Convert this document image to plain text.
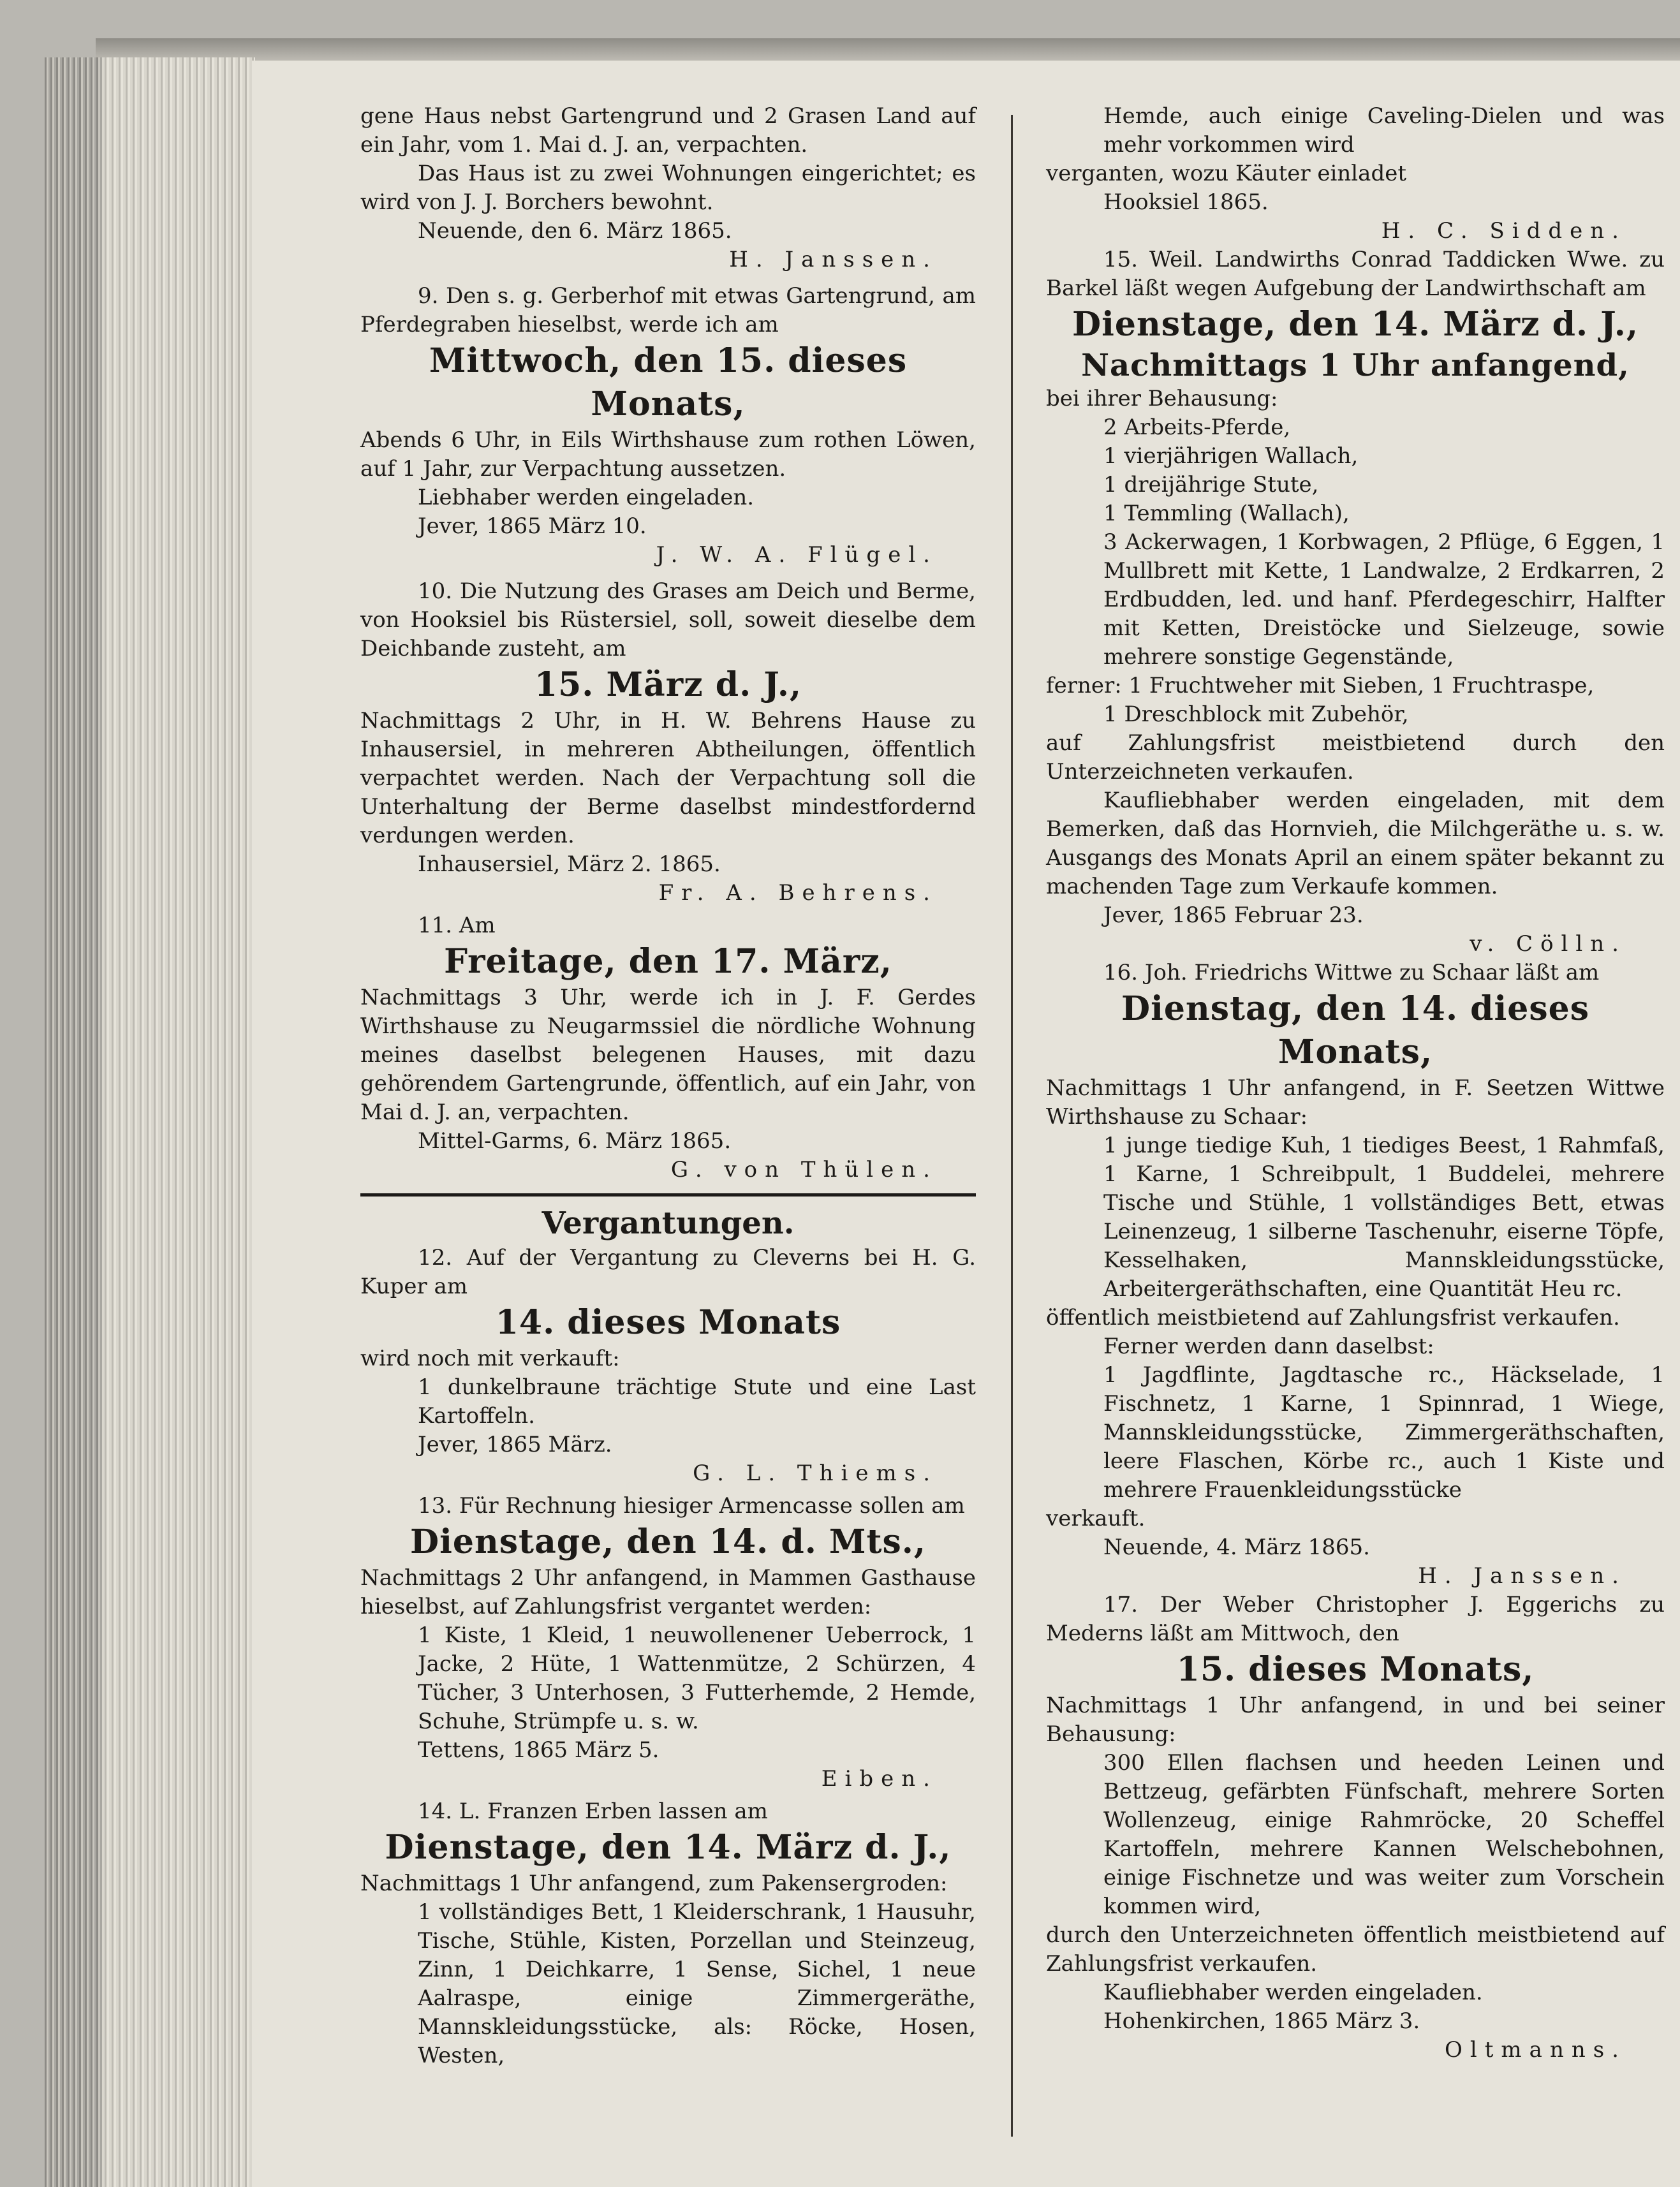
gene Haus nebst Gartengrund und 2 Grasen Land auf ein Jahr, vom 1. Mai d. J. an, verpachten.

Das Haus ist zu zwei Wohnungen eingerichtet; es wird von J. J. Borchers bewohnt.

Neuende, den 6. März 1865.

H. Janssen.

9. Den s. g. Gerberhof mit etwas Gartengrund, am Pferdegraben hieselbst, werde ich am

Mittwoch, den 15. dieses Monats,

Abends 6 Uhr, in Eils Wirthshause zum rothen Löwen, auf 1 Jahr, zur Verpachtung aussetzen.

Liebhaber werden eingeladen.

Jever, 1865 März 10.

J. W. A. Flügel.

10. Die Nutzung des Grases am Deich und Berme, von Hooksiel bis Rüstersiel, soll, soweit dieselbe dem Deichbande zusteht, am

15. März d. J.,

Nachmittags 2 Uhr, in H. W. Behrens Hause zu Inhausersiel, in mehreren Abtheilungen, öffentlich verpachtet werden. Nach der Verpachtung soll die Unterhaltung der Berme daselbst mindestfordernd verdungen werden.

Inhausersiel, März 2. 1865.

Fr. A. Behrens.

11. Am

Freitage, den 17. März,

Nachmittags 3 Uhr, werde ich in J. F. Gerdes Wirthshause zu Neugarmssiel die nördliche Wohnung meines daselbst belegenen Hauses, mit dazu gehörendem Gartengrunde, öffentlich, auf ein Jahr, von Mai d. J. an, verpachten.

Mittel-Garms, 6. März 1865.

G. von Thülen.

Vergantungen.

12. Auf der Vergantung zu Cleverns bei H. G. Kuper am

14. dieses Monats

wird noch mit verkauft:

1 dunkelbraune trächtige Stute und eine Last Kartoffeln.

Jever, 1865 März.

G. L. Thiems.

13. Für Rechnung hiesiger Armencasse sollen am

Dienstage, den 14. d. Mts.,

Nachmittags 2 Uhr anfangend, in Mammen Gasthause hieselbst, auf Zahlungsfrist vergantet werden:

1 Kiste, 1 Kleid, 1 neuwollenener Ueberrock, 1 Jacke, 2 Hüte, 1 Wattenmütze, 2 Schürzen, 4 Tücher, 3 Unterhosen, 3 Futterhemde, 2 Hemde, Schuhe, Strümpfe u. s. w.

Tettens, 1865 März 5.

Eiben.

14. L. Franzen Erben lassen am

Dienstage, den 14. März d. J.,

Nachmittags 1 Uhr anfangend, zum Pakensergroden:

1 vollständiges Bett, 1 Kleiderschrank, 1 Hausuhr, Tische, Stühle, Kisten, Porzellan und Steinzeug, Zinn, 1 Deichkarre, 1 Sense, Sichel, 1 neue Aalraspe, einige Zimmergeräthe, Mannskleidungsstücke, als: Röcke, Hosen, Westen,

Hemde, auch einige Caveling-Dielen und was mehr vorkommen wird

verganten, wozu Käuter einladet

Hooksiel 1865.

H. C. Sidden.

15. Weil. Landwirths Conrad Taddicken Wwe. zu Barkel läßt wegen Aufgebung der Landwirthschaft am

Dienstage, den 14. März d. J.,

Nachmittags 1 Uhr anfangend,

bei ihrer Behausung:

2 Arbeits-Pferde,

1 vierjährigen Wallach,

1 dreijährige Stute,

1 Temmling (Wallach),

3 Ackerwagen, 1 Korbwagen, 2 Pflüge, 6 Eggen, 1 Mullbrett mit Kette, 1 Landwalze, 2 Erdkarren, 2 Erdbudden, led. und hanf. Pferdegeschirr, Halfter mit Ketten, Dreistöcke und Sielzeuge, sowie mehrere sonstige Gegenstände,

ferner: 1 Fruchtweher mit Sieben, 1 Fruchtraspe,

1 Dreschblock mit Zubehör,

auf Zahlungsfrist meistbietend durch den Unterzeichneten verkaufen.

Kaufliebhaber werden eingeladen, mit dem Bemerken, daß das Hornvieh, die Milchgeräthe u. s. w. Ausgangs des Monats April an einem später bekannt zu machenden Tage zum Verkaufe kommen.

Jever, 1865 Februar 23.

v. Cölln.

16. Joh. Friedrichs Wittwe zu Schaar läßt am

Dienstag, den 14. dieses Monats,

Nachmittags 1 Uhr anfangend, in F. Seetzen Wittwe Wirthshause zu Schaar:

1 junge tiedige Kuh, 1 tiediges Beest, 1 Rahmfaß, 1 Karne, 1 Schreibpult, 1 Buddelei, mehrere Tische und Stühle, 1 vollständiges Bett, etwas Leinenzeug, 1 silberne Taschenuhr, eiserne Töpfe, Kesselhaken, Mannskleidungsstücke, Arbeitergeräthschaften, eine Quantität Heu rc.

öffentlich meistbietend auf Zahlungsfrist verkaufen.

Ferner werden dann daselbst:

1 Jagdflinte, Jagdtasche rc., Häckselade, 1 Fischnetz, 1 Karne, 1 Spinnrad, 1 Wiege, Mannskleidungsstücke, Zimmergeräthschaften, leere Flaschen, Körbe rc., auch 1 Kiste und mehrere Frauenkleidungsstücke

verkauft.

Neuende, 4. März 1865.

H. Janssen.

17. Der Weber Christopher J. Eggerichs zu Mederns läßt am Mittwoch, den

15. dieses Monats,

Nachmittags 1 Uhr anfangend, in und bei seiner Behausung:

300 Ellen flachsen und heeden Leinen und Bettzeug, gefärbten Fünfschaft, mehrere Sorten Wollenzeug, einige Rahmröcke, 20 Scheffel Kartoffeln, mehrere Kannen Welschebohnen, einige Fischnetze und was weiter zum Vorschein kommen wird,

durch den Unterzeichneten öffentlich meistbietend auf Zahlungsfrist verkaufen.

Kaufliebhaber werden eingeladen.

Hohenkirchen, 1865 März 3.

Oltmanns.
